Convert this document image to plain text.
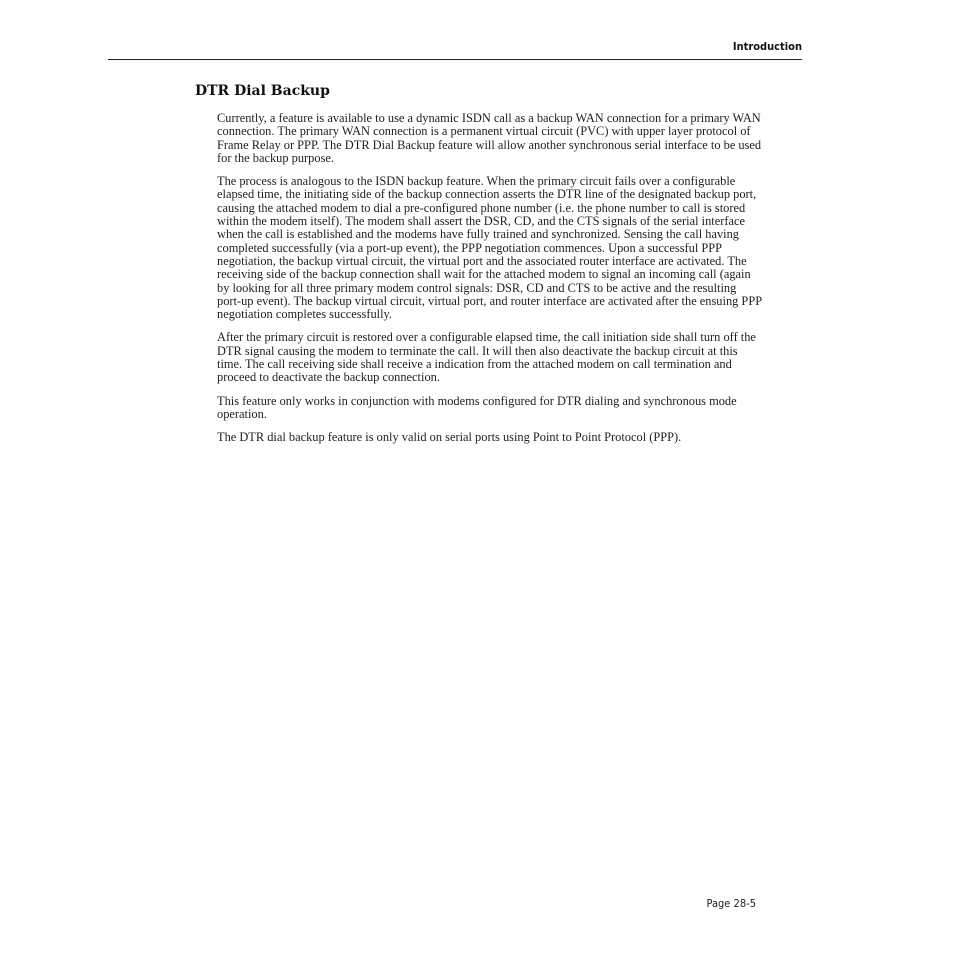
Introduction
DTR Dial Backup

Currently, a feature is available to use a dynamic ISDN call as a backup WAN connection for a primary WAN connection. The primary WAN connection is a permanent virtual circuit (PVC) with upper layer protocol of Frame Relay or PPP. The DTR Dial Backup feature will allow another synchronous serial interface to be used for the backup purpose.

The process is analogous to the ISDN backup feature. When the primary circuit fails over a configurable elapsed time, the initiating side of the backup connection asserts the DTR line of the designated backup port, causing the attached modem to dial a pre-configured phone number (i.e. the phone number to call is stored within the modem itself). The modem shall assert the DSR, CD, and the CTS signals of the serial interface when the call is established and the modems have fully trained and synchronized. Sensing the call having completed successfully (via a port-up event), the PPP negotiation commences. Upon a successful PPP negotiation, the backup virtual circuit, the virtual port and the associated router interface are activated. The receiving side of the backup connection shall wait for the attached modem to signal an incoming call (again by looking for all three primary modem control signals: DSR, CD and CTS to be active and the resulting port-up event). The backup virtual circuit, virtual port, and router interface are activated after the ensuing PPP negotiation completes successfully.

After the primary circuit is restored over a configurable elapsed time, the call initiation side shall turn off the DTR signal causing the modem to terminate the call. It will then also deactivate the backup circuit at this time. The call receiving side shall receive a indication from the attached modem on call termination and proceed to deactivate the backup connection.

This feature only works in conjunction with modems configured for DTR dialing and synchronous mode operation.

The DTR dial backup feature is only valid on serial ports using Point to Point Protocol (PPP).

Page 28-5
